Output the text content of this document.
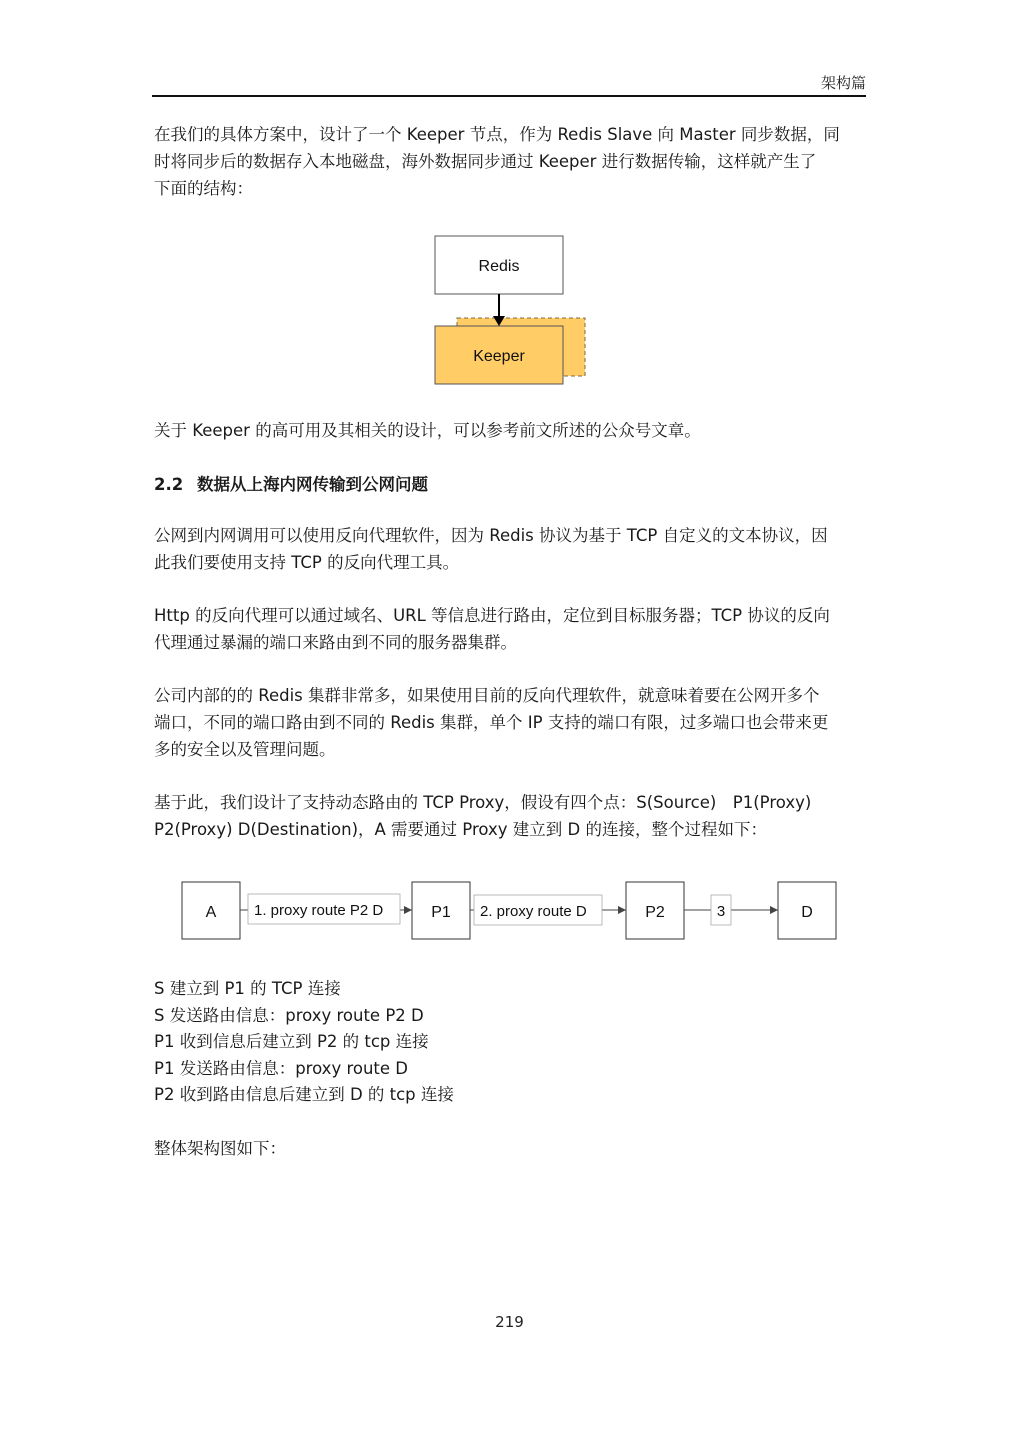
架构篇

在我们的具体方案中，设计了一个 Keeper 节点，作为 Redis Slave 向 Master 同步数据，同
时将同步后的数据存入本地磁盘，海外数据同步通过 Keeper 进行数据传输，这样就产生了
下面的结构：

Redis
Keeper

关于 Keeper 的高可用及其相关的设计，可以参考前文所述的公众号文章。

2.2 数据从上海内网传输到公网问题

公网到内网调用可以使用反向代理软件，因为 Redis 协议为基于 TCP 自定义的文本协议，因
此我们要使用支持 TCP 的反向代理工具。

Http 的反向代理可以通过域名、URL 等信息进行路由，定位到目标服务器；TCP 协议的反向
代理通过暴漏的端口来路由到不同的服务器集群。

公司内部的的 Redis 集群非常多，如果使用目前的反向代理软件，就意味着要在公网开多个
端口，不同的端口路由到不同的 Redis 集群，单个 IP 支持的端口有限，过多端口也会带来更
多的安全以及管理问题。

基于此，我们设计了支持动态路由的 TCP Proxy，假设有四个点：S(Source)　P1(Proxy)
P2(Proxy) D(Destination)，A 需要通过 Proxy 建立到 D 的连接，整个过程如下：

A	1. proxy route P2 D	P1 2. proxy route D	P2	3	D
S 建立到 P1 的 TCP 连接
S 发送路由信息：proxy route P2 D
P1 收到信息后建立到 P2 的 tcp 连接
P1 发送路由信息：proxy route D
P2 收到路由信息后建立到 D 的 tcp 连接

整体架构图如下：

219
